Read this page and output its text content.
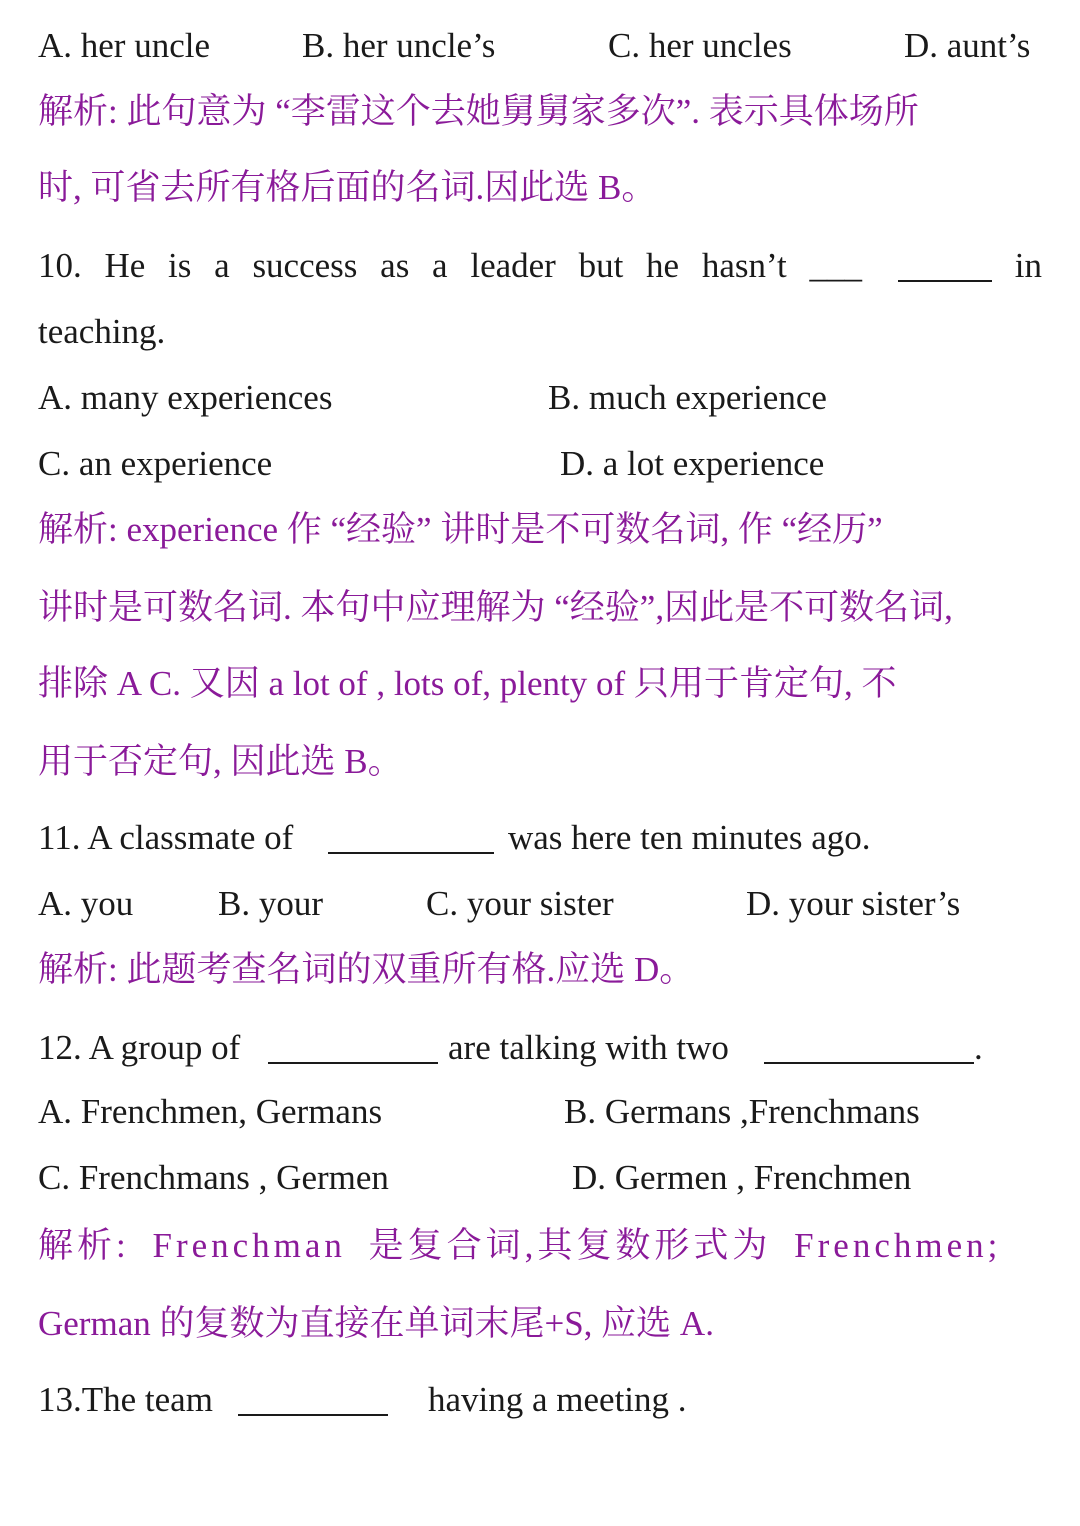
A. her uncle	B. her uncle’s	C. her uncles	D. aunt’s
解析: 此句意为 “李雷这个去她舅舅家多次”. 表示具体场所
时, 可省去所有格后面的名词.因此选 B。
10. He is a success as a leader but he hasn’t ___	in
teaching.
A. many experiences	B. much experience
C. an experience	D. a lot experience
解析: experience 作 “经验” 讲时是不可数名词, 作 “经历”
讲时是可数名词. 本句中应理解为 “经验”,因此是不可数名词,
排除 A C. 又因 a lot of , lots of, plenty of 只用于肯定句, 不
用于否定句, 因此选 B。
11. A classmate of	was here ten minutes ago.
A. you B. your	C. your sister	D. your sister’s
解析: 此题考查名词的双重所有格.应选 D。
12. A group of	are talking with two	.
A. Frenchmen, Germans	B. Germans ,Frenchmans
C. Frenchmans , Germen	D. Germen , Frenchmen
解析: Frenchman 是复合词,其复数形式为 Frenchmen;
German 的复数为直接在单词末尾+S, 应选 A.
13.The team	having a meeting .
